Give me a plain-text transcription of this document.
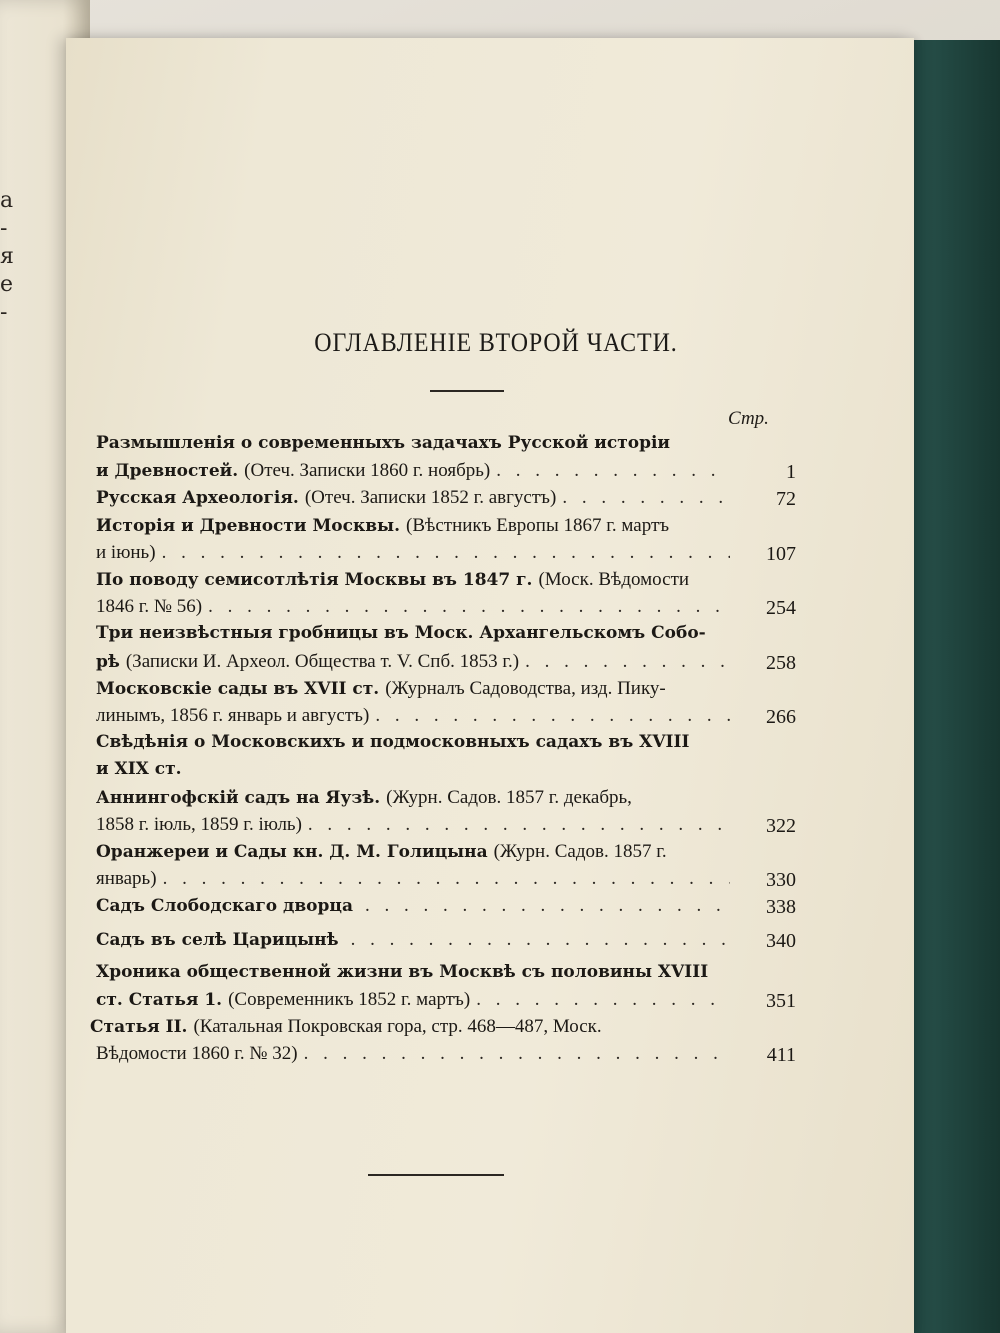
а
-
я
е
-
ОГЛАВЛЕНІЕ ВТОРОЙ ЧАСТИ.
Стр.
Размышленія о современныхъ задачахъ Русской исторіи
и Древностей. (Отеч. Записки 1860 г. ноябрь)
. . .
Русская Археологія. (Отеч. Записки 1852 г. августъ)
. . .
Исторія и Древности Москвы. (Вѣстникъ Европы 1867 г. мартъ
и іюнь)
. . .
По поводу семисотлѣтія Москвы въ 1847 г. (Моск. Вѣдомости
1846 г. № 56)
. . .
Три неизвѣстныя гробницы въ Моск. Архангельскомъ Собо-
рѣ (Записки И. Археол. Общества т. V. Спб. 1853 г.)
. . .
Московскіе сады въ XVII ст. (Журналъ Садоводства, изд. Пику-
линымъ, 1856 г. январь и августъ)
. . .
Свѣдѣнія о Московскихъ и подмосковныхъ садахъ въ XVIII
и XIX ст.
Аннингофскій садъ на Яузѣ. (Журн. Садов. 1857 г. декабрь,
1858 г. іюль, 1859 г. іюль)
. . .
Оранжереи и Сады кн. Д. М. Голицына (Журн. Садов. 1857 г.
январь)
. . .
Садъ Слободскаго дворца
. . .
Садъ въ селѣ Царицынѣ
. . .
Хроника общественной жизни въ Москвѣ съ половины XVIII
ст. Статья 1. (Современникъ 1852 г. мартъ)
. . .
Статья II. (Катальная Покровская гора, стр. 468—487, Моск.
Вѣдомости 1860 г. № 32)
. . .
1
72
107
254
258
266
322
330
338
340
351
411
